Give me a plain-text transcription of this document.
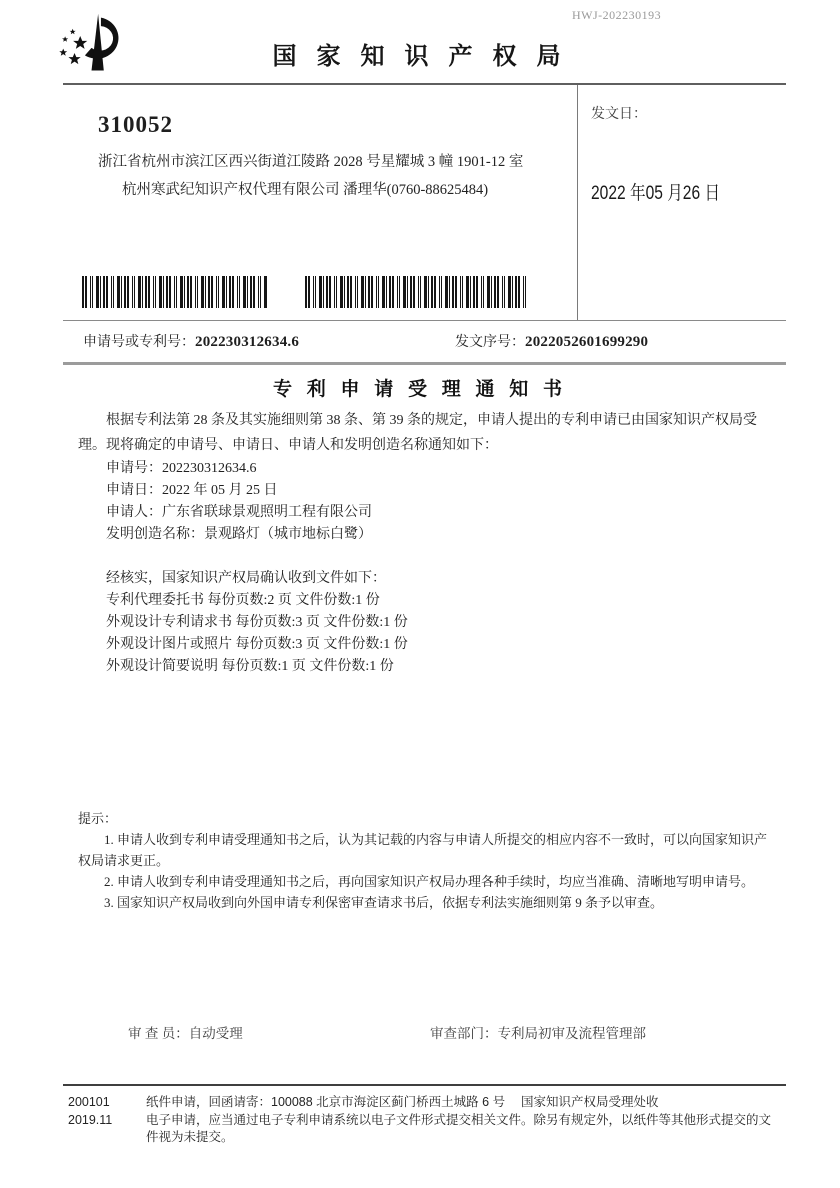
HWJ-202230193
国 家 知 识 产 权 局
310052
浙江省杭州市滨江区西兴街道江陵路 2028 号星耀城 3 幢 1901-12 室
杭州寒武纪知识产权代理有限公司 潘理华(0760-88625484)
发文日：
2022 年05 月26 日
申请号或专利号：202230312634.6	发文序号：2022052601699290
专 利 申 请 受 理 通 知 书

根据专利法第 28 条及其实施细则第 38 条、第 39 条的规定，申请人提出的专利申请已由国家知识产权局受理。现将确定的申请号、申请日、申请人和发明创造名称通知如下：

申请号：202230312634.6
申请日：2022 年 05 月 25 日
申请人：广东省联球景观照明工程有限公司
发明创造名称：景观路灯（城市地标白鹭）

经核实，国家知识产权局确认收到文件如下：

专利代理委托书 每份页数:2 页 文件份数:1 份
外观设计专利请求书 每份页数:3 页 文件份数:1 份
外观设计图片或照片 每份页数:3 页 文件份数:1 份
外观设计简要说明 每份页数:1 页 文件份数:1 份

提示：

1. 申请人收到专利申请受理通知书之后，认为其记载的内容与申请人所提交的相应内容不一致时，可以向国家知识产权局请求更正。

2. 申请人收到专利申请受理通知书之后，再向国家知识产权局办理各种手续时，均应当准确、清晰地写明申请号。

3. 国家知识产权局收到向外国申请专利保密审查请求书后，依据专利法实施细则第 9 条予以审查。

审 查 员：自动受理	审查部门：专利局初审及流程管理部
200101
2019.11

纸件申请，回函请寄：100088 北京市海淀区蓟门桥西土城路 6 号　 国家知识产权局受理处收

电子申请，应当通过电子专利申请系统以电子文件形式提交相关文件。除另有规定外，以纸件等其他形式提交的文件视为未提交。
